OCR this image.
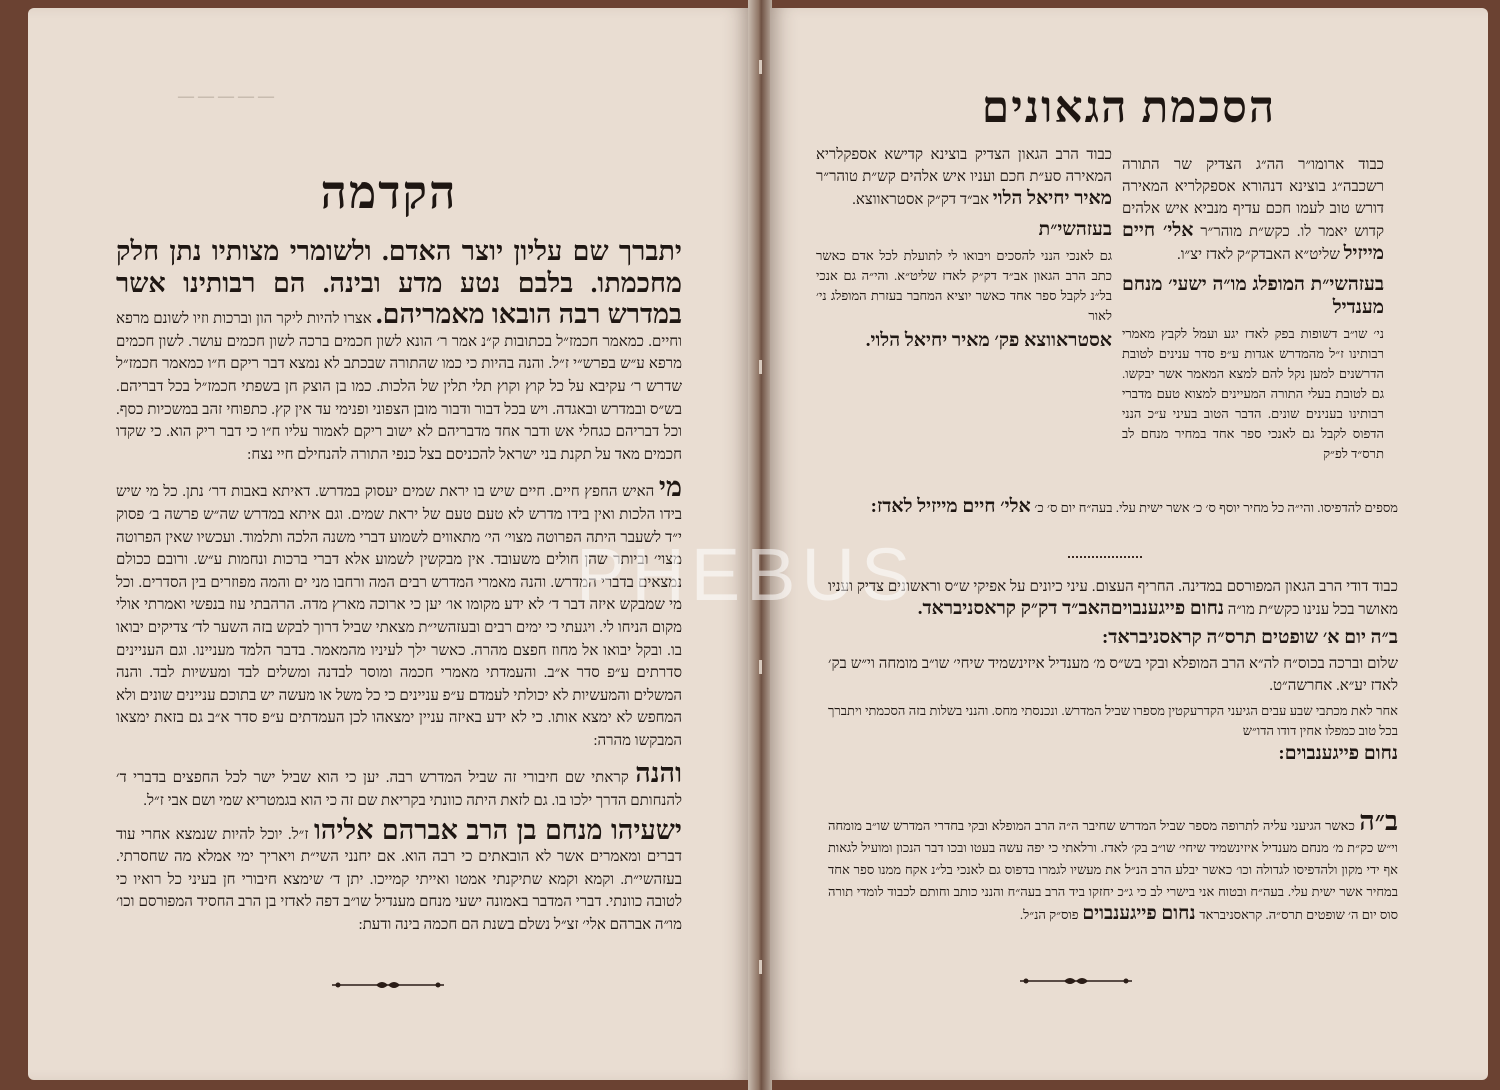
— — — — —
הקדמה

יתברך שם עליון יוצר האדם. ולשומרי מצותיו נתן חלק מחכמתו. בלבם נטע מדע ובינה. הם רבותינו אשר במדרש רבה הובאו מאמריהם. אצרו להיות ליקר הון וברכות וזיו לשונם מרפא וחיים. כמאמר חכמז״ל בכתובות ק״נ אמר ר׳ הונא לשון חכמים ברכה לשון חכמים עושר. לשון חכמים מרפא ע״ש בפרש״י ז״ל. והנה בהיות כי כמו שהתורה שבכתב לא נמצא דבר ריקם ח״ו כמאמר חכמז״ל שדרש ר׳ עקיבא על כל קוץ וקוץ תלי תלין של הלכות. כמו בן הוצק חן בשפתי חכמז״ל בכל דבריהם. בש״ס ובמדרש ובאגדה. ויש בכל דבור ודבור מובן הצפוני ופנימי עד אין קץ. כתפוחי זהב במשכיות כסף. וכל דבריהם כגחלי אש ודבר אחד מדבריהם לא ישוב ריקם לאמור עליו ח״ו כי דבר ריק הוא. כי שקדו חכמים מאד על תקנת בני ישראל להכניסם בצל כנפי התורה להנחילם חיי נצח:

מי האיש החפץ חיים. חיים שיש בו יראת שמים יעסוק במדרש. דאיתא באבות דר׳ נתן. כל מי שיש בידו הלכות ואין בידו מדרש לא טעם טעם של יראת שמים. וגם איתא במדרש שה״ש פרשה ב׳ פסוק י״ד לשעבר היתה הפרוטה מצוי׳ הי׳ מתאווים לשמוע דברי משנה הלכה ותלמוד. ועכשיו שאין הפרוטה מצוי׳ וביותר שהן חולים משעובד. אין מבקשין לשמוע אלא דברי ברכות ונחמות ע״ש. ורובם ככולם נמצאים בדברי המדרש. והנה מאמרי המדרש רבים המה ורחבו מני ים והמה מפוזרים בין הסדרים. וכל מי שמבקש איזה דבר ד׳ לא ידע מקומו או׳ יען כי ארוכה מארץ מדה. הרהבתי עוז בנפשי ואמרתי אולי מקום הניחו לי. ויגעתי כי ימים רבים ובעזהשי״ת מצאתי שביל דרוך לבקש בזה השער לד׳ צדיקים יבואו בו. ובקל יבואו אל מחוז חפצם מהרה. כאשר ילך לעיניו מהמאמר. בדבר הלמד מעניינו. וגם העניינים סדרתים ע״פ סדר א״ב. והעמדתי מאמרי חכמה ומוסר לבדנה ומשלים לבד ומעשיות לבד. והנה המשלים והמעשיות לא יכולתי לעמדם ע״פ עניינים כי כל משל או מעשה יש בתוכם עניינים שונים ולא המחפש לא ימצא אותו. כי לא ידע באיזה עניין ימצאהו לכן העמדתים ע״פ סדר א״ב גם בזאת ימצאו המבקשו מהרה:

והנה קראתי שם חיבורי זה שביל המדרש רבה. יען כי הוא שביל ישר לכל החפצים בדברי ד׳ להנחותם הדרך ילכו בו. גם לזאת היתה כוונתי בקריאת שם זה כי הוא בגמטריא שמי ושם אבי ז״ל.

ישעיהו מנחם בן הרב אברהם אליהו ז״ל. יוכל להיות שנמצא אחרי עוד דברים ומאמרים אשר לא הובאתים כי רבה הוא. אם יחנני השי״ת ויאריך ימי אמלא מה שחסרתי. בעזהשי״ת. וקמא וקמא שתיקנתי אמטו ואייתי קמייכו. יתן ד׳ שימצא חיבורי חן בעיני כל רואיו כי לטובה כוונתי. דברי המדבר באמונה ישעי מנחם מענדיל שו״ב דפה לאדזי בן הרב החסיד המפורסם וכו׳ מו״ה אברהם אלי׳ זצ״ל נשלם בשנת הם חכמה בינה ודעת:

הסכמת הגאונים
כבוד ארומו״ר הה״ג הצדיק שר התורה רשכבה״ג בוצינא דנהורא אספקלריא המאירה דורש טוב לעמו חכם עדיף מנביא איש אלהים קדוש יאמר לו. כקש״ת מוהר״ר אלי׳ חיים מייזיל שליט״א האבדק״ק לאדז יצ״ו.
בעזהשי״ת המופלג מו״ה ישעי׳ מנחם מענדיל
ני׳ שו״ב דשופות בפק לאדז יגע ועמל לקבץ מאמרי רבותינו ז״ל מהמדרש אגדות ע״פ סדר ענינים לטובת הדרשנים למען נקל להם למצא המאמר אשר יבקשו. גם לטובת בעלי התורה המעיינים למצוא טעם מדברי רבותינו בענינים שונים. הדבר הטוב בעיני ע״כ הנני הדפוס לקבל גם לאנכי ספר אחד במחיר מנחם לב תרס״ד לפ״ק
כבוד הרב הגאון הצדיק בוצינא קדישא אספקלריא המאירה סע״ת חכם ועניו איש אלהים קש״ת טוהר״ר מאיר יחיאל הלוי אב״ד דק״ק אסטראווצא.
בעזהשי״ת
גם לאנכי הנני להסכים ויבואו לי לתועלת לכל אדם כאשר כתב הרב הגאון אב״ד דק״ק לאדז שליט״א. והי״ה גם אנכי בל״נ לקבל ספר אחד כאשר יוציא המחבר בעזרת המופלג ני׳ לאור
אסטראווצא פק׳ מאיר יחיאל הלוי.
מספים להדפיסו. והי״ה כל מחיר יוסף ס׳ כ׳ אשר ישית עלי. בעה״ח יום ס׳ כ׳ אלי׳ חיים מייזיל לאדז:
כבוד דודי הרב הגאון המפורסם במדינה. החריף העצום. עיני כיונים על אפיקי ש״ס וראשונים צדיק ועניו מאושר בכל ענינו כקש״ת מו״ה נחום פייגענבויםהאב״ד דק״ק קראסניבראד.
ב״ה יום א׳ שופטים תרס״ה קראסניבראד:
שלום וברכה בכוס״ח לה״א הרב המופלא ובקי בש״ס מ׳ מענדיל איזינשמיד שיחי׳ שו״ב מומחה וי״ש בק׳ לאדז יע״א. אחרשה״ט.
אחר לאת מכתבי שבע עבים הגיעני הקדרעקטין מספרו שביל המדרש. ונכנסתי מחס. והנני בשלות בזה הסכמתי ויתברך בכל טוב כמפלו אחין דודו הדו״ש
נחום פייגענבוים:
ב״ה כאשר הגיעני עליה לתרופה מספר שביל המדרש שחיבר ה״ה הרב המופלא ובקי בחדרי המדרש שו״ב מומחה וי״ש כק״ת מ׳ מנחם מענדיל איזינשמיד שיחי׳ שו״ב בק׳ לאדז. ורלאתי כי יפה עשה בעטו ובכו דבר הנכון ומועיל לגאות אף ידי מקון ולהדפיסו לגדולה וכו׳ כאשר יבלע הרב הנ״ל את מעשיו לגמרו בדפוס גם לאנכי בל״נ אקח ממנו ספר אחד במחיר אשר ישית עלי. בעה״ח ובטוח אני בישרי לב כי ג״כ יחזקו ביד הרב בעה״ח והנני כותב וחותם לכבוד לומדי תורה סוס יום ה׳ שופטים תרס״ה. קראסניבראד נחום פייגענבוים פוס״ק הנ״ל.
PHEBUS
